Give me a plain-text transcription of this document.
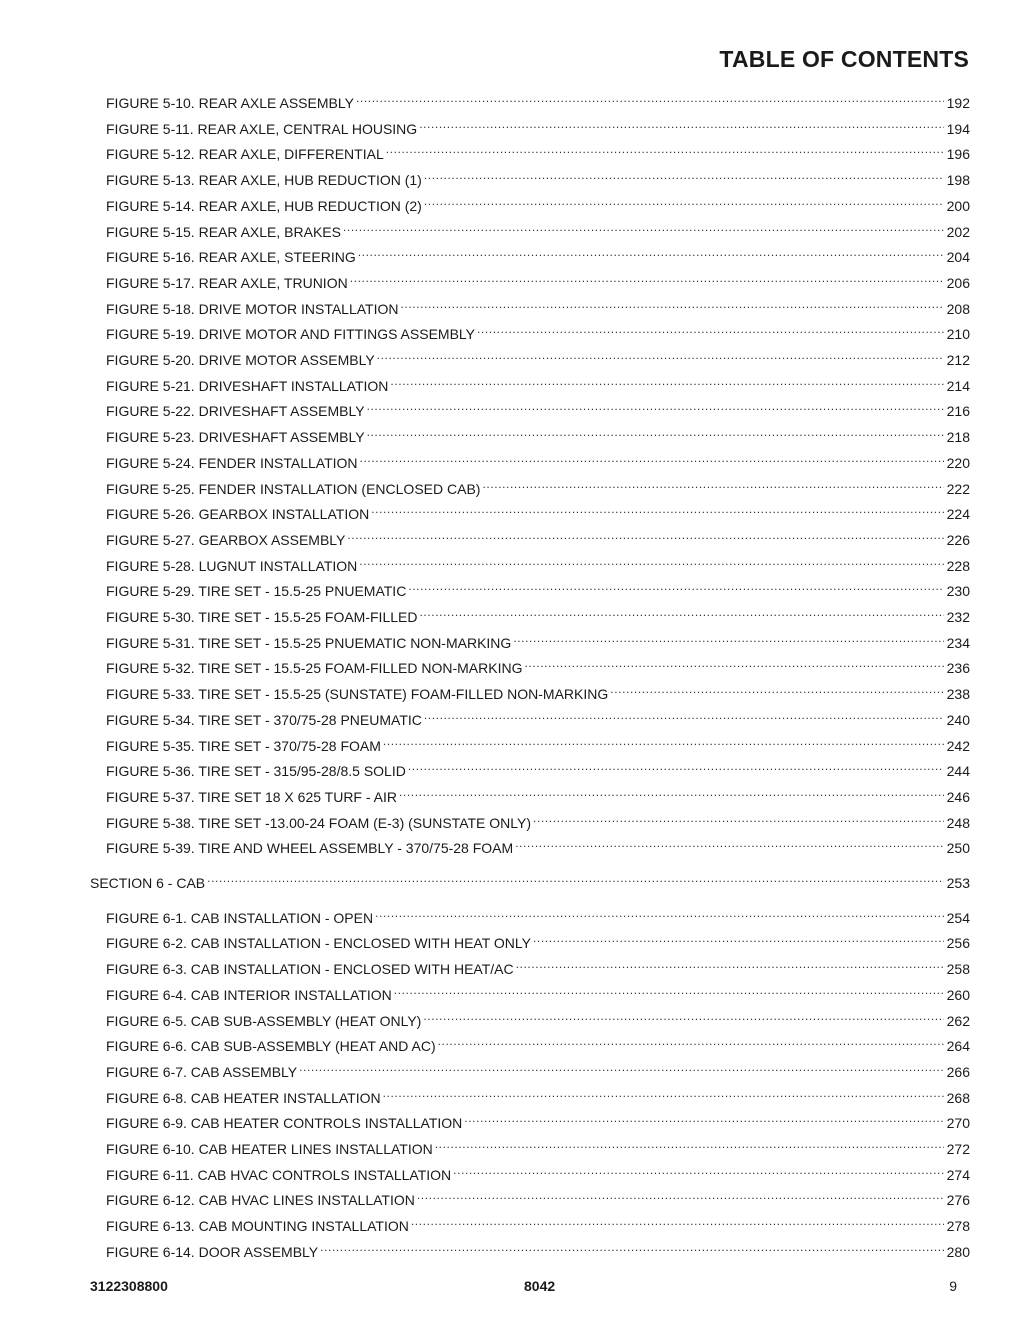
TABLE OF CONTENTS
FIGURE 5-10. REAR AXLE ASSEMBLY .....	192
FIGURE 5-11. REAR AXLE, CENTRAL HOUSING .....	194
FIGURE 5-12. REAR AXLE, DIFFERENTIAL .....	196
FIGURE 5-13. REAR AXLE, HUB REDUCTION (1) .....	198
FIGURE 5-14. REAR AXLE, HUB REDUCTION (2) .....	200
FIGURE 5-15. REAR AXLE, BRAKES .....	202
FIGURE 5-16. REAR AXLE, STEERING .....	204
FIGURE 5-17. REAR AXLE, TRUNION .....	206
FIGURE 5-18. DRIVE MOTOR INSTALLATION .....	208
FIGURE 5-19. DRIVE MOTOR AND FITTINGS ASSEMBLY .....	210
FIGURE 5-20. DRIVE MOTOR ASSEMBLY .....	212
FIGURE 5-21. DRIVESHAFT INSTALLATION .....	214
FIGURE 5-22. DRIVESHAFT ASSEMBLY .....	216
FIGURE 5-23. DRIVESHAFT ASSEMBLY .....	218
FIGURE 5-24. FENDER INSTALLATION .....	220
FIGURE 5-25. FENDER INSTALLATION (ENCLOSED CAB) .....	222
FIGURE 5-26. GEARBOX INSTALLATION .....	224
FIGURE 5-27. GEARBOX ASSEMBLY .....	226
FIGURE 5-28. LUGNUT INSTALLATION .....	228
FIGURE 5-29. TIRE SET - 15.5-25 PNUEMATIC .....	230
FIGURE 5-30. TIRE SET - 15.5-25 FOAM-FILLED .....	232
FIGURE 5-31. TIRE SET - 15.5-25 PNUEMATIC NON-MARKING .....	234
FIGURE 5-32. TIRE SET - 15.5-25 FOAM-FILLED NON-MARKING .....	236
FIGURE 5-33. TIRE SET - 15.5-25 (SUNSTATE) FOAM-FILLED NON-MARKING .....	238
FIGURE 5-34. TIRE SET - 370/75-28 PNEUMATIC .....	240
FIGURE 5-35. TIRE SET - 370/75-28 FOAM .....	242
FIGURE 5-36. TIRE SET - 315/95-28/8.5 SOLID .....	244
FIGURE 5-37. TIRE SET 18 X 625 TURF - AIR .....	246
FIGURE 5-38. TIRE SET -13.00-24 FOAM (E-3) (SUNSTATE ONLY) .....	248
FIGURE 5-39. TIRE AND WHEEL ASSEMBLY - 370/75-28 FOAM .....	250
SECTION 6 - CAB .....	253
FIGURE 6-1. CAB INSTALLATION - OPEN .....	254
FIGURE 6-2. CAB INSTALLATION - ENCLOSED WITH HEAT ONLY .....	256
FIGURE 6-3. CAB INSTALLATION - ENCLOSED WITH HEAT/AC .....	258
FIGURE 6-4. CAB INTERIOR INSTALLATION .....	260
FIGURE 6-5. CAB SUB-ASSEMBLY (HEAT ONLY) .....	262
FIGURE 6-6. CAB SUB-ASSEMBLY (HEAT AND AC) .....	264
FIGURE 6-7. CAB ASSEMBLY .....	266
FIGURE 6-8. CAB HEATER INSTALLATION .....	268
FIGURE 6-9. CAB HEATER CONTROLS INSTALLATION .....	270
FIGURE 6-10. CAB HEATER LINES INSTALLATION .....	272
FIGURE 6-11. CAB HVAC CONTROLS INSTALLATION .....	274
FIGURE 6-12. CAB HVAC LINES INSTALLATION .....	276
FIGURE 6-13. CAB MOUNTING INSTALLATION .....	278
FIGURE 6-14. DOOR ASSEMBLY .....	280
3122308800	8042	9
